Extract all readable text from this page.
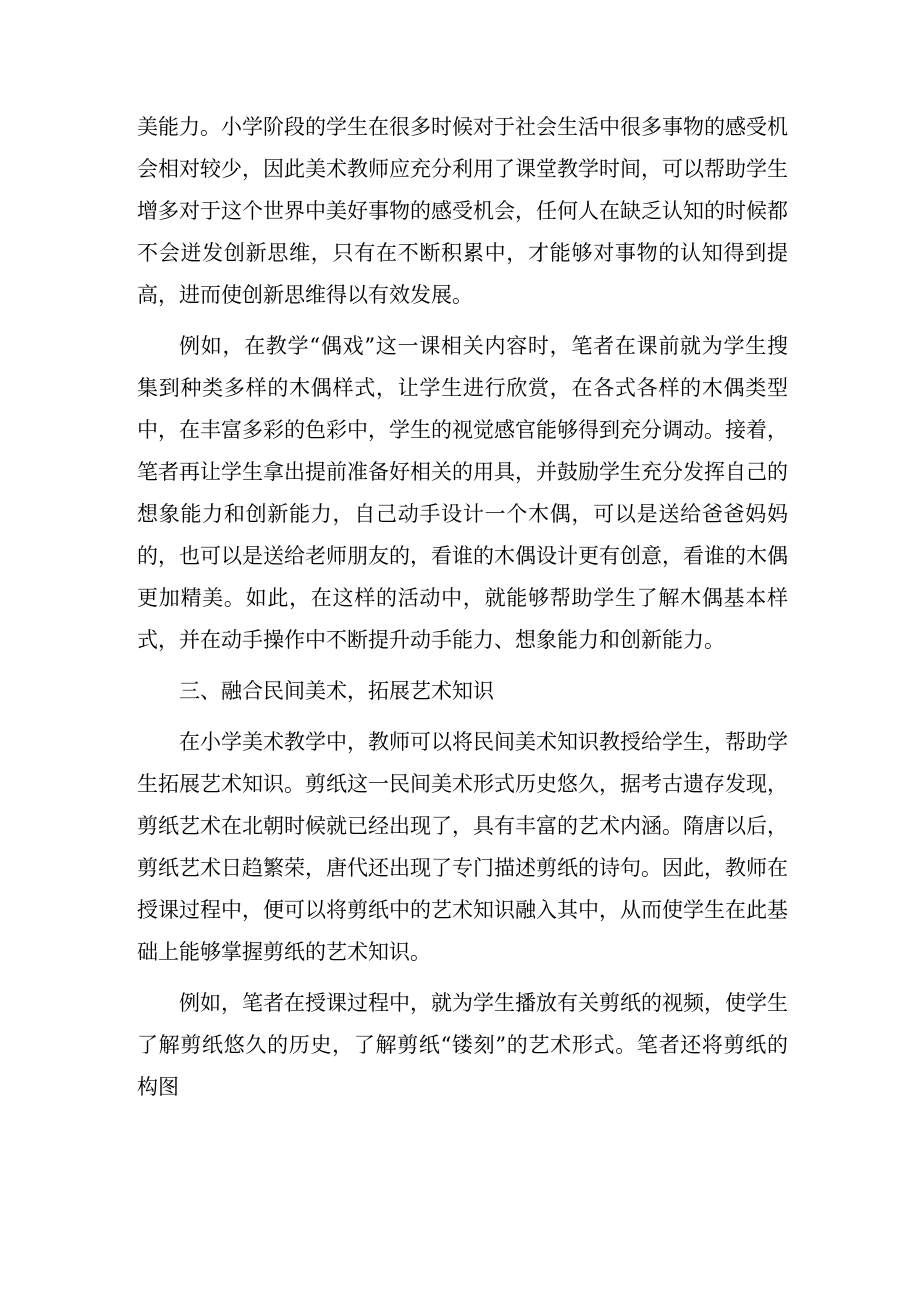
美能力。小学阶段的学生在很多时候对于社会生活中很多事物的感受机会相对较少，因此美术教师应充分利用了课堂教学时间，可以帮助学生增多对于这个世界中美好事物的感受机会，任何人在缺乏认知的时候都不会迸发创新思维，只有在不断积累中，才能够对事物的认知得到提高，进而使创新思维得以有效发展。

例如，在教学“偶戏”这一课相关内容时，笔者在课前就为学生搜集到种类多样的木偶样式，让学生进行欣赏，在各式各样的木偶类型中，在丰富多彩的色彩中，学生的视觉感官能够得到充分调动。接着，笔者再让学生拿出提前准备好相关的用具，并鼓励学生充分发挥自己的想象能力和创新能力，自己动手设计一个木偶，可以是送给爸爸妈妈的，也可以是送给老师朋友的，看谁的木偶设计更有创意，看谁的木偶更加精美。如此，在这样的活动中，就能够帮助学生了解木偶基本样式，并在动手操作中不断提升动手能力、想象能力和创新能力。

三、融合民间美术，拓展艺术知识

在小学美术教学中，教师可以将民间美术知识教授给学生，帮助学生拓展艺术知识。剪纸这一民间美术形式历史悠久，据考古遗存发现，剪纸艺术在北朝时候就已经出现了，具有丰富的艺术内涵。隋唐以后，剪纸艺术日趋繁荣，唐代还出现了专门描述剪纸的诗句。因此，教师在授课过程中，便可以将剪纸中的艺术知识融入其中，从而使学生在此基础上能够掌握剪纸的艺术知识。

例如，笔者在授课过程中，就为学生播放有关剪纸的视频，使学生了解剪纸悠久的历史，了解剪纸“镂刻”的艺术形式。笔者还将剪纸的构图
